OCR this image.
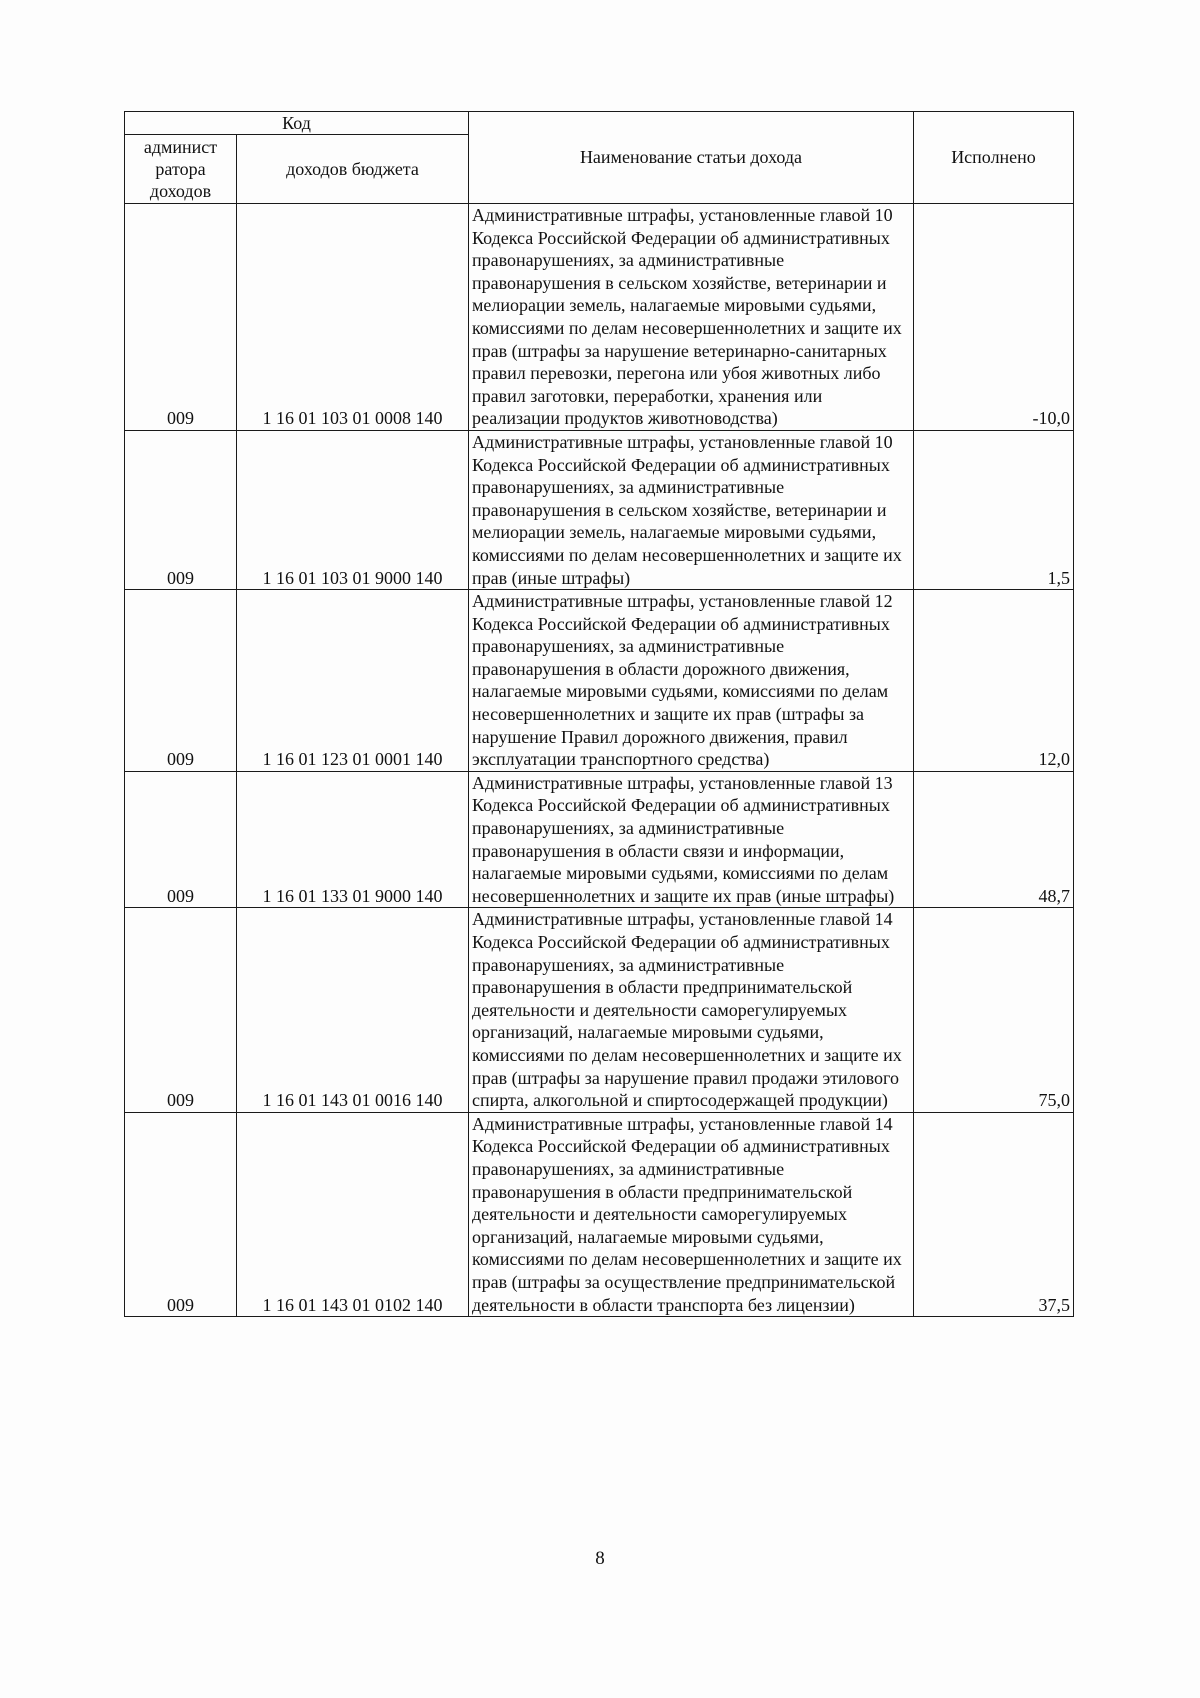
Код		Наименование статьи дохода	Исполнено
админист ратора доходов	доходов бюджета		
009	1 16 01 103 01 0008 140	Административные штрафы, установленные главой 10 Кодекса Российской Федерации об административных правонарушениях, за административные правонарушения в сельском хозяйстве, ветеринарии и мелиорации земель, налагаемые мировыми судьями, комиссиями по делам несовершеннолетних и защите их прав (штрафы за нарушение ветеринарно-санитарных правил перевозки, перегона или убоя животных либо правил заготовки, переработки, хранения или реализации продуктов животноводства)	-10,0
009	1 16 01 103 01 9000 140	Административные штрафы, установленные главой 10 Кодекса Российской Федерации об административных правонарушениях, за административные правонарушения в сельском хозяйстве, ветеринарии и мелиорации земель, налагаемые мировыми судьями, комиссиями по делам несовершеннолетних и защите их прав (иные штрафы)	1,5
009	1 16 01 123 01 0001 140	Административные штрафы, установленные главой 12 Кодекса Российской Федерации об административных правонарушениях, за административные правонарушения в области дорожного движения, налагаемые мировыми судьями, комиссиями по делам несовершеннолетних и защите их прав (штрафы за нарушение Правил дорожного движения, правил эксплуатации транспортного средства)	12,0
009	1 16 01 133 01 9000 140	Административные штрафы, установленные главой 13 Кодекса Российской Федерации об административных правонарушениях, за административные правонарушения в области связи и информации, налагаемые мировыми судьями, комиссиями по делам несовершеннолетних и защите их прав (иные штрафы)	48,7
009	1 16 01 143 01 0016 140	Административные штрафы, установленные главой 14 Кодекса Российской Федерации об административных правонарушениях, за административные правонарушения в области предпринимательской деятельности и деятельности саморегулируемых организаций, налагаемые мировыми судьями, комиссиями по делам несовершеннолетних и защите их прав (штрафы за нарушение правил продажи этилового спирта, алкогольной и спиртосодержащей продукции)	75,0
009	1 16 01 143 01 0102 140	Административные штрафы, установленные главой 14 Кодекса Российской Федерации об административных правонарушениях, за административные правонарушения в области предпринимательской деятельности и деятельности саморегулируемых организаций, налагаемые мировыми судьями, комиссиями по делам несовершеннолетних и защите их прав (штрафы за осуществление предпринимательской деятельности в области транспорта без лицензии)	37,5
8
